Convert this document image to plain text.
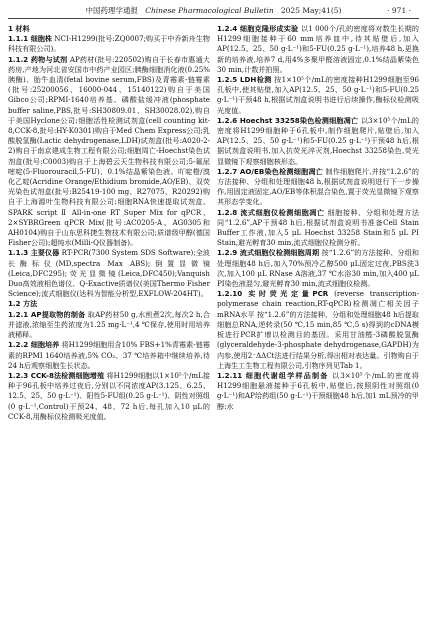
中国药理学通报 Chinese Pharmacological Bulletin 2025 May;41(5)	· 971 ·

1 材料

1.1.1 细胞株 NCI-H1299(批号:ZQ0007;购买于中乔新舟生物科技有限公司)。

1.1.2 药物与试剂 AP药材(批号:220502)购自于长春市惠通大药房,产地为河北省安国市中药产业园区;胰酶细胞消化液(0.25%胰酶)、胎牛血清(fetal bovine serum,FBS)及青霉素-链霉素(批号:25200056、16000-044、15140122)购自于美国Gibco公司;RPMI-1640培养基、磷酸盐缓冲液(phosphate buffer saline,PBS,批号:SH30809.01、SH30028.02),购自于美国Hyclone公司;细胞活性检测试剂盒(cell counting kit-8,CCK-8,批号:HY-K0301)购自于Med Chem Express公司;乳酸脱氢酶(Lactic dehydrogenase,LDH)试剂盒(批号:A020-2-2)购自于南京建成生物工程有限公司;细胞周亡-Hoechst染色试剂盒(批号:C0003)购自于上海碧云天生物科技有限公司;5-氟尿嘧啶(5-Fluorouracil,5-FU)、0.1%结晶紫染色液、吖啶橙/溴化乙啶(Acridine Orange/Ethidium bromide,AO/EB)、双荧光染色试剂盒(批号:B25419-100 mg、R27075、R20292)购自于上海源叶生物科技有限公司;细胞RNA快速提取试剂盒、SPARK script Ⅱ All-in-one RT Super Mix for qPCR、2×SYBRGreen qPCR Mix(批号:AC0205-A、AG0305和AH0104)购自于山东思科捷生物技术有限公司;质谱级甲醇(德国Fisher公司);超纯水(Milli-Q仪器制备)。

1.1.3 主要仪器 RT-PCR(7300 System SDS Software);全波长酶标仪(MD,spectra Max ABS);倒置显微镜(Leica,DFC295);荧光显微镜(Leica,DFC450);Vanquish Duo高效液相色谱仪、Q-Exactive质谱仪(美国Thermo Fisher Science);流式细胞仪(达科为智能分析型,EXFLOW-204HT)。

1.2 方法

1.2.1 AP提取物的制备 取AP药材50 g,水煎煮2次,每次2 h,合并滤液,浓缩至生药浓度为1.25 mg·L⁻¹,4 ℃保存,使用时用培养液稀释。

1.2.2 细胞培养 将H1299细胞用含10% FBS+1%青霉素-链霉素的RPMI 1640培养液,5% CO₂、37 ℃培养箱中继续培养,待24 h后观察细胞生长状态。

1.2.3 CCK-8法检测细胞增殖 将H1299细胞以1×10⁵个/mL接种于96孔板中培养过夜后,分别以不同浓度AP(3.125、6.25、12.5、25、50 g·L⁻¹)、阳性5-FU组(0.25 g·L⁻¹)、阴性对照组(0 g·L⁻¹,Control)干预24、48、72 h后,每孔加入10 μL的CCK-8,用酶标仪检测吸光度值。

1.2.4 细胞克隆形成实验 以1 000个/孔的密度将对数生长期的H1299细胞接种于60 mm培养皿中,待其贴壁后,加入AP(12.5、25、50 g·L⁻¹)和5-FU(0.25 g·L⁻¹),培养48 h,更换新的培养液,培养7 d,用4%多聚甲醛溶液固定,0.1%结晶紫染色30 min,计数并拍照。

1.2.5 LDH检测 按1×10⁵个/mL的密度接种H1299细胞至96孔板中,使其贴壁,加入AP(12.5、25、50 g·L⁻¹)和5-FU(0.25 g·L⁻¹)干预48 h,根据试剂盒说明书进行后续操作,酶标仪检测吸光度值。

1.2.6 Hoechst 33258染色检测细胞凋亡 以3×10⁵个/mL的密度将H1299细胞种于6孔板中,制作细胞爬片,贴壁后,加入AP(12.5、25、50 g·L⁻¹)和5-FU(0.25 g·L⁻¹)干预48 h后,根据试剂盒说明书,加入抗荧光淬灭剂,Hoechst 33258染色,荧光显微镜下观察细胞核形态。

1.2.7 AO/EB染色检测细胞凋亡 制作细胞爬片,并按“1.2.6”的方法接种、分组和处理细胞48 h,根据试剂盒说明进行下一步操作,用固定液固定,AO/EB等体积混合染色,置于荧光显微镜下观察其形态学变化。

1.2.8 流式细胞仪检测细胞凋亡 细胞接种、分组和处理方法同“1.2.6”,AP干预48 h后,根据试剂盒说明书准备Cell Stain Buffer工作液,加入5 μL Hoechst 33258 Stain和5 μL PI Stain,避光孵育30 min,流式细胞仪检测分析。

1.2.9 流式细胞仪检测细胞周期 按“1.2.6”的方法接种、分组和处理细胞48 h后,加入70%预冷乙醇500 μL固定过夜,PBS洗3次,加入100 μL RNase A溶液,37 ℃水浴30 min,加入400 μL PI染色液混匀,避光孵育30 min,流式细胞仪检测。

1.2.10 实时荧光定量PCR (reverse transcription-polymerase chain reaction,RT-qPCR)检测凋亡相关因子mRNA水平 按“1.2.6”的方法接种、分组和处理细胞48 h后提取细胞总RNA,逆转录(50 ℃,15 min,85 ℃,5 s)得到的cDNA模板进行PCR扩增以检测目的基因。采用甘油醛-3磷酸脱氢酶(glyceraldehyde-3-phosphate dehydrogenase,GAPDH)为内参,使用2⁻ΔΔCt法进行结果分析,得出相对表达量。引物购自于上海生工生物工程有限公司,引物序列见Tab 1。

1.2.11 细胞代谢组学样品制备 以3×10⁵个/mL的密度将H1299细胞悬液接种于6孔板中,贴壁后,按照阴性对照组(0 g·L⁻¹)和AP给药组(50 g·L⁻¹)干预细胞48 h后,加1 mL预冷的甲醇:水
